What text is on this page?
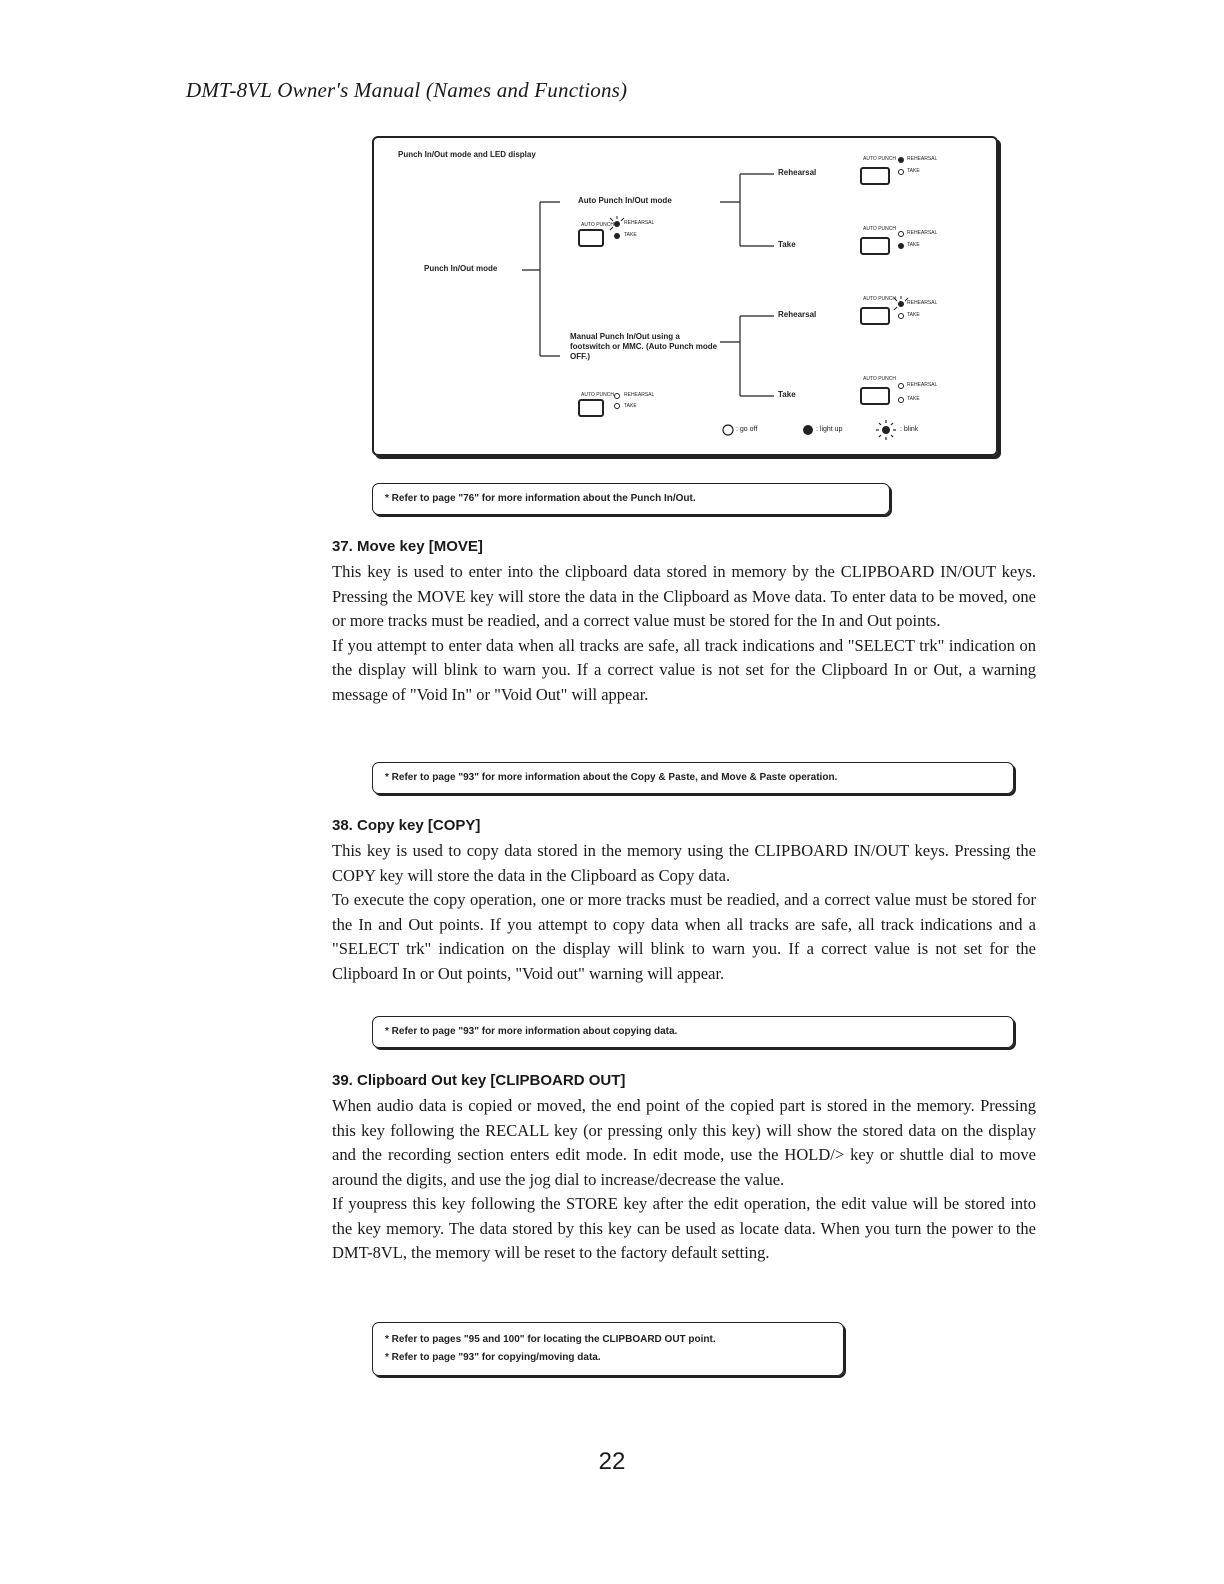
DMT-8VL Owner's Manual (Names and Functions)
Punch In/Out mode and LED display
Punch In/Out mode
Auto Punch In/Out mode
Manual Punch In/Out using a footswitch or MMC. (Auto Punch mode OFF.)
Rehearsal
Take
Rehearsal
Take
AUTO PUNCH
AUTO PUNCH
AUTO PUNCH
AUTO PUNCH
AUTO PUNCH
AUTO PUNCH
REHEARSAL
TAKE
REHEARSAL
TAKE
REHEARSAL
TAKE
REHEARSAL
TAKE
REHEARSAL
TAKE
REHEARSAL
TAKE
: go off	: light up	: blink
* Refer to page "76" for more information about the Punch In/Out.
37. Move key [MOVE]

This key is used to enter into the clipboard data stored in memory by the CLIPBOARD IN/OUT keys. Pressing the MOVE key will store the data in the Clipboard as Move data. To enter data to be moved, one or more tracks must be readied, and a correct value must be stored for the In and Out points.

If you attempt to enter data when all tracks are safe, all track indications and "SELECT trk" indication on the display will blink to warn you. If a correct value is not set for the Clipboard In or Out, a warning message of "Void In" or "Void Out" will appear.

* Refer to page "93" for more information about the Copy & Paste, and Move & Paste operation.
38. Copy key [COPY]

This key is used to copy data stored in the memory using the CLIPBOARD IN/OUT keys. Pressing the COPY key will store the data in the Clipboard as Copy data.

To execute the copy operation, one or more tracks must be readied, and a correct value must be stored for the In and Out points. If you attempt to copy data when all tracks are safe, all track indications and a "SELECT trk" indication on the display will blink to warn you. If a correct value is not set for the Clipboard In or Out points, "Void out" warning will appear.

* Refer to page "93" for more information about copying data.
39. Clipboard Out key [CLIPBOARD OUT]

When audio data is copied or moved, the end point of the copied part is stored in the memory. Pressing this key following the RECALL key (or pressing only this key) will show the stored data on the display and the recording section enters edit mode. In edit mode, use the HOLD/> key or shuttle dial to move around the digits, and use the jog dial to increase/decrease the value.

If youpress this key following the STORE key after the edit operation, the edit value will be stored into the key memory. The data stored by this key can be used as locate data. When you turn the power to the DMT-8VL, the memory will be reset to the factory default setting.

* Refer to pages "95 and 100" for locating the CLIPBOARD OUT point.
* Refer to page "93" for copying/moving data.
22
